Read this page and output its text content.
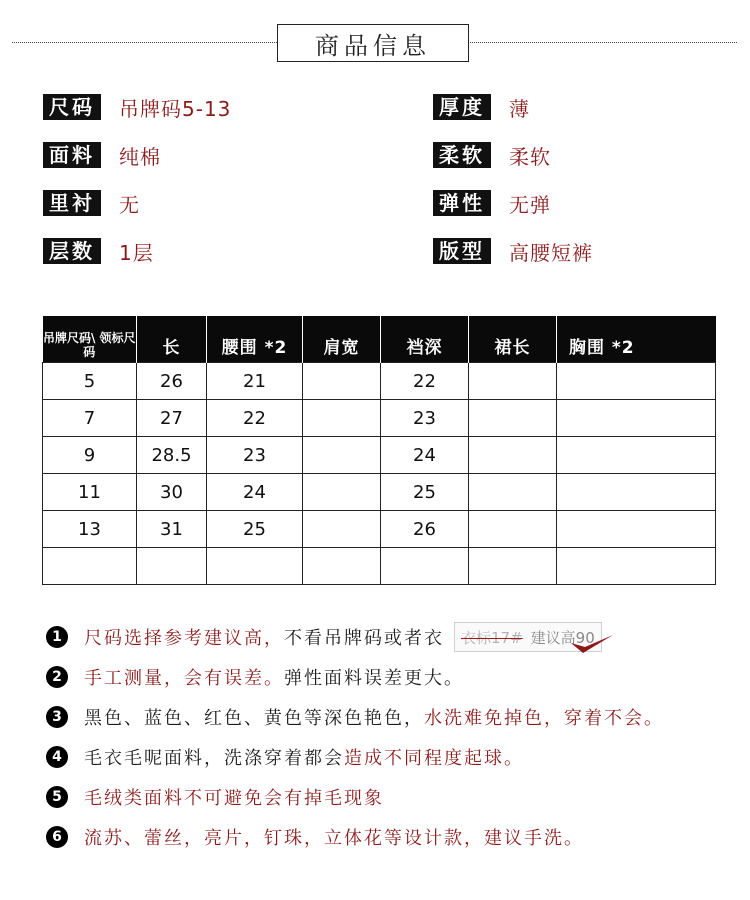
商品信息
尺码	吊牌码5-13	厚度	薄
面料	纯棉	柔软	柔软
里衬	无	弹性	无弹
层数	1层	版型	高腰短裤
吊牌尺码\ 领标尺码	长	腰围 *2	肩宽	裆深	裙长	胸围 *2
5	26	21		22		
7	27	22		23		
9	28.5	23		24		
11	30	24		25		
13	31	25		26		

1	尺码选择参考建议高， 不看吊牌码或者衣 衣标17# 建议高90
2	手工测量，会有误差。 弹性面料误差更大。
3	黑色、蓝色、红色、黄色等深色艳色， 水洗难免掉色，穿着不会。
4	毛衣毛呢面料，洗涤穿着都会 造成不同程度起球。
5	毛绒类面料不可避免会有掉毛现象
6	流苏、蕾丝，亮片，钉珠，立体花等设计款，建议手洗。
